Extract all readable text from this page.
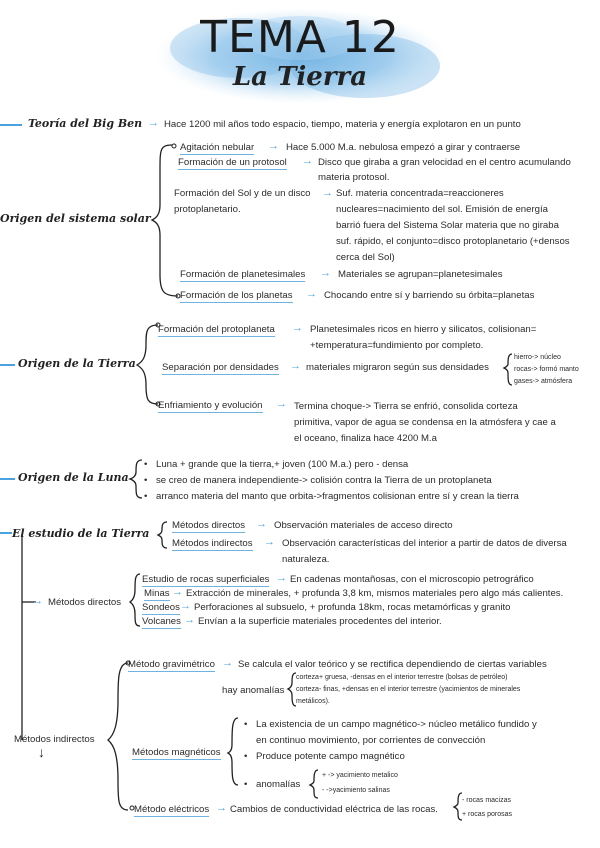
TEMA 12
La Tierra
Teoría del Big Ben → Hace 1200 mil años todo espacio, tiempo, materia y energía explotaron en un punto
Origen del sistema solar
Agitación nebular → Hace 5.000 M.a. nebulosa empezó a girar y contraerse
Formación de un protosol → Disco que giraba a gran velocidad en el centro acumulando
materia protosol.
Formación del Sol y de un disco
protoplanetario.
→ Suf. materia concentrada=reaccioneres
nucleares=nacimiento del sol. Emisión de energía
barrió fuera del Sistema Solar materia que no giraba
suf. rápido, el conjunto=disco protoplanetario (+densos
cerca del Sol)
Formación de planetesimales → Materiales se agrupan=planetesimales
Formación de los planetas → Chocando entre sí y barriendo su órbita=planetas
Origen de la Tierra
Formación del protoplaneta → Planetesimales ricos en hierro y silicatos, colisionan=
+temperatura=fundimiento por completo.
Separación por densidades → materiales migraron según sus densidades
hierro-> núcleo
rocas-> formó manto
gases-> atmósfera
Enfriamiento y evolución → Termina choque-> Tierra se enfrió, consolida corteza
primitiva, vapor de agua se condensa en la atmósfera y cae a
el oceano, finaliza hace 4200 M.a
Origen de la Luna
• Luna + grande que la tierra,+ joven (100 M.a.) pero - densa
• se creo de manera independiente-> colisión contra la Tierra de un protoplaneta
• arranco materia del manto que orbita->fragmentos colisionan entre sí y crean la tierra
El estudio de la Tierra
Métodos directos → Observación materiales de acceso directo
Métodos indirectos → Observación características del interior a partir de datos de diversa
naturaleza.
→ Métodos directos
Estudio de rocas superficiales → En cadenas montañosas, con el microscopio petrográfico
Minas → Extracción de minerales, + profunda 3,8 km, mismos materiales pero algo más calientes.
Sondeos → Perforaciones al subsuelo, + profunda 18km, rocas metamórficas y granito
Volcanes → Envían a la superficie materiales procedentes del interior.
Métodos indirectos
↓
Método gravimétrico → Se calcula el valor teórico y se rectifica dependiendo de ciertas variables
hay anomalías
corteza+ gruesa, -densas en el interior terrestre (bolsas de petróleo)
corteza- finas, +densas en el interior terrestre (yacimientos de minerales
metálicos).
Métodos magnéticos
• La existencia de un campo magnético-> núcleo metálico fundido y
en continuo movimiento, por corrientes de convección
• Produce potente campo magnético
• anomalías
+ -> yacimiento metalico
- ->yacimiento salinas
Método eléctricos → Cambios de conductividad eléctrica de las rocas.
- rocas macizas
+ rocas porosas
